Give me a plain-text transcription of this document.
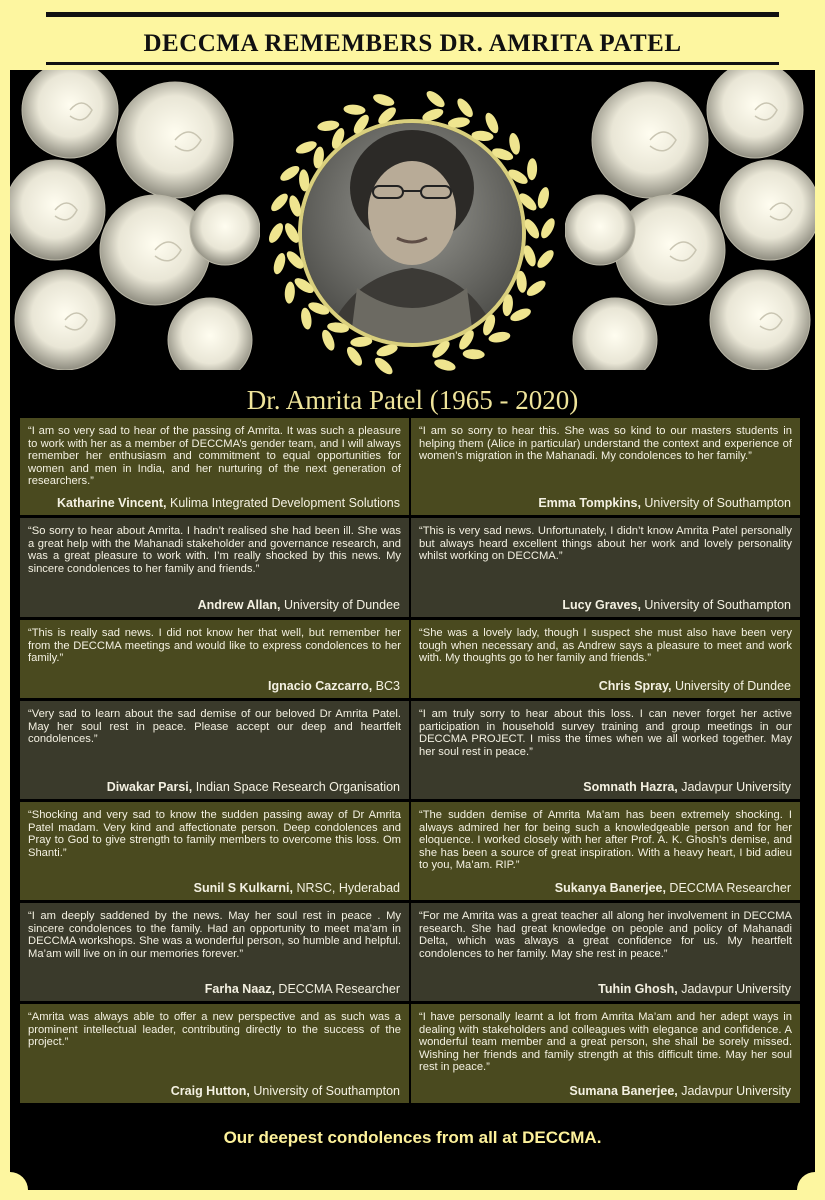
DECCMA REMEMBERS DR. AMRITA PATEL
Dr. Amrita Patel (1965 - 2020)
“I am so very sad to hear of the passing of Amrita. It was such a pleasure to work with her as a member of DECCMA’s gender team, and I will always remember her enthusiasm and commitment to equal opportunities for women and men in India, and her nurturing of the next generation of researchers.”
Katharine Vincent, Kulima Integrated Development Solutions
“I am so sorry to hear this. She was so kind to our masters students in helping them (Alice in particular) understand the context and experience of women’s migration in the Mahanadi. My condolences to her family.”
Emma Tompkins, University of Southampton
“So sorry to hear about Amrita. I hadn’t realised she had been ill. She was a great help with the Mahanadi stakeholder and governance research, and was a great pleasure to work with. I’m really shocked by this news. My sincere condolences to her family and friends.”
Andrew Allan, University of Dundee
“This is very sad news. Unfortunately, I didn’t know Amrita Patel personally but always heard excellent things about her work and lovely personality whilst working on DECCMA.”
Lucy Graves, University of Southampton
“This is really sad news. I did not know her that well, but remember her from the DECCMA meetings and would like to express condolences to her family.”
Ignacio Cazcarro, BC3
“She was a lovely lady, though I suspect she must also have been very tough when necessary and, as Andrew says a pleasure to meet and work with. My thoughts go to her family and friends.”
Chris Spray, University of Dundee
“Very sad to learn about the sad demise of our beloved Dr Amrita Patel. May her soul rest in peace. Please accept our deep and heartfelt condolences.”
Diwakar Parsi, Indian Space Research Organisation
“I am truly sorry to hear about this loss. I can never forget her active participation in household survey training and group meetings in our DECCMA PROJECT. I miss the times when we all worked together. May her soul rest in peace.”
Somnath Hazra, Jadavpur University
“Shocking and very sad to know the sudden passing away of Dr Amrita Patel madam. Very kind and affectionate person. Deep condolences and Pray to God to give strength to family members to overcome this loss. Om Shanti.”
Sunil S Kulkarni, NRSC, Hyderabad
“The sudden demise of Amrita Ma’am has been extremely shocking. I always admired her for being such a knowledgeable person and for her eloquence. I worked closely with her after Prof. A. K. Ghosh’s demise, and she has been a source of great inspiration. With a heavy heart, I bid adieu to you, Ma’am. RIP.”
Sukanya Banerjee, DECCMA Researcher
“I am deeply saddened by the news. May her soul rest in peace . My sincere condolences to the family. Had an opportunity to meet ma’am in DECCMA workshops. She was a wonderful person, so humble and helpful. Ma’am will live on in our memories forever.”
Farha Naaz, DECCMA Researcher
“For me Amrita was a great teacher all along her involvement in DECCMA research. She had great knowledge on people and policy of Mahanadi Delta, which was always a great confidence for us. My heartfelt condolences to her family. May she rest in peace.”
Tuhin Ghosh, Jadavpur University
“Amrita was always able to offer a new perspective and as such was a prominent intellectual leader, contributing directly to the success of the project.”
Craig Hutton, University of Southampton
“I have personally learnt a lot from Amrita Ma’am and her adept ways in dealing with stakeholders and colleagues with elegance and confidence. A wonderful team member and a great person, she shall be sorely missed. Wishing her friends and family strength at this difficult time. May her soul rest in peace.”
Sumana Banerjee, Jadavpur University
Our deepest condolences from all at DECCMA.
